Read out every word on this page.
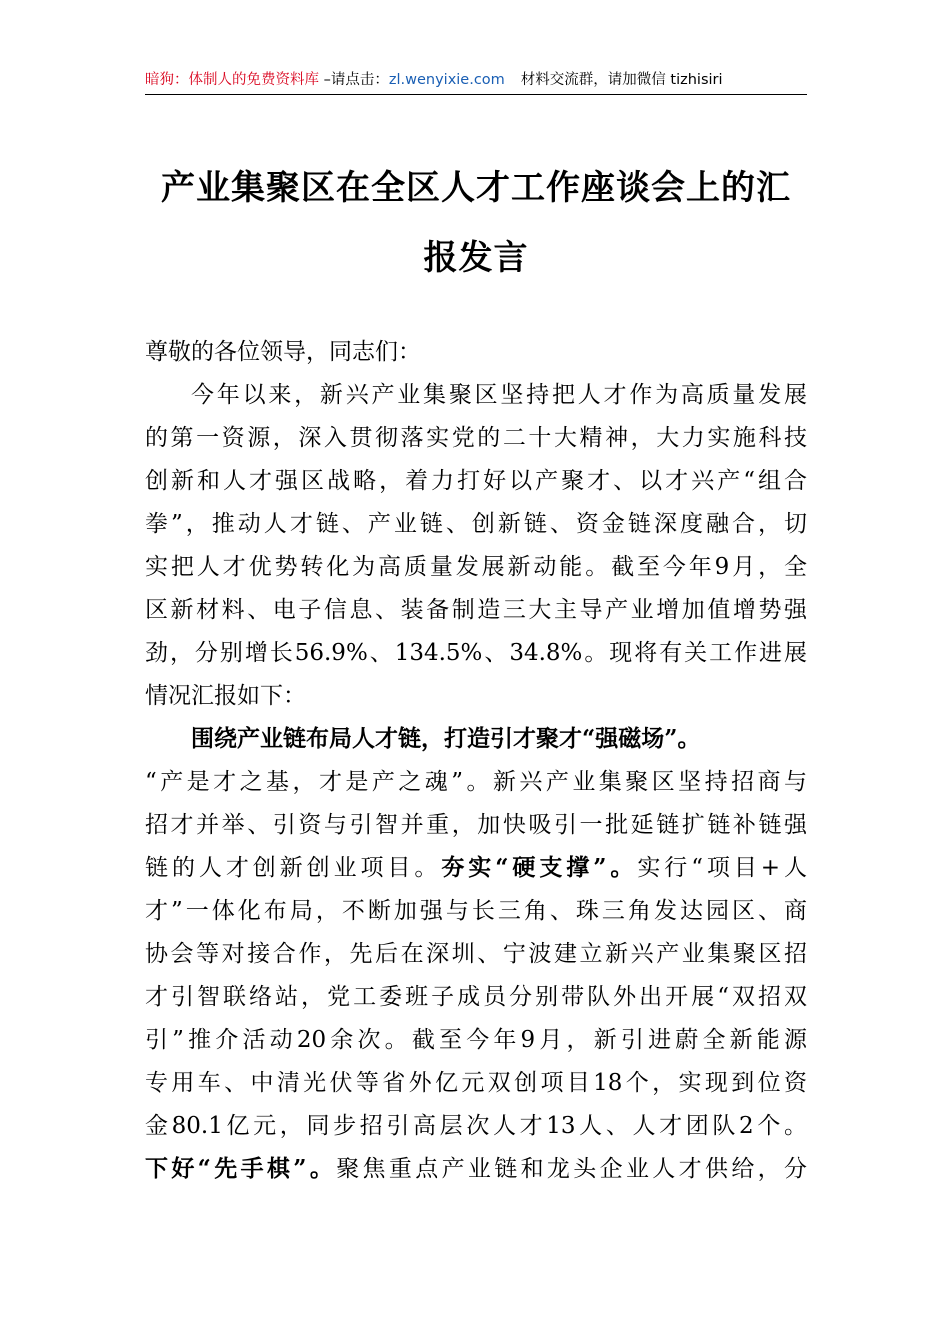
暗狗：体制人的免费资料库 –请点击：zl.wenyixie.com 材料交流群，请加微信 tizhisiri
产业集聚区在全区人才工作座谈会上的汇
报发言
尊敬的各位领导，同志们：
今年以来，新兴产业集聚区坚持把人才作为高质量发展
的第一资源，深入贯彻落实党的二十大精神，大力实施科技
创新和人才强区战略，着力打好以产聚才、以才兴产“组合
拳”，推动人才链、产业链、创新链、资金链深度融合，切
实把人才优势转化为高质量发展新动能。截至今年9月，全
区新材料、电子信息、装备制造三大主导产业增加值增势强
劲，分别增长56.9%、134.5%、34.8%。现将有关工作进展
情况汇报如下：
围绕产业链布局人才链，打造引才聚才“强磁场”。
“产是才之基，才是产之魂”。新兴产业集聚区坚持招商与
招才并举、引资与引智并重，加快吸引一批延链扩链补链强
链的人才创新创业项目。夯实“硬支撑”。实行“项目+人
才”一体化布局，不断加强与长三角、珠三角发达园区、商
协会等对接合作，先后在深圳、宁波建立新兴产业集聚区招
才引智联络站，党工委班子成员分别带队外出开展“双招双
引”推介活动20余次。截至今年9月，新引进蔚全新能源
专用车、中清光伏等省外亿元双创项目18个，实现到位资
金80.1亿元，同步招引高层次人才13人、人才团队2个。
下好“先手棋”。聚焦重点产业链和龙头企业人才供给，分
